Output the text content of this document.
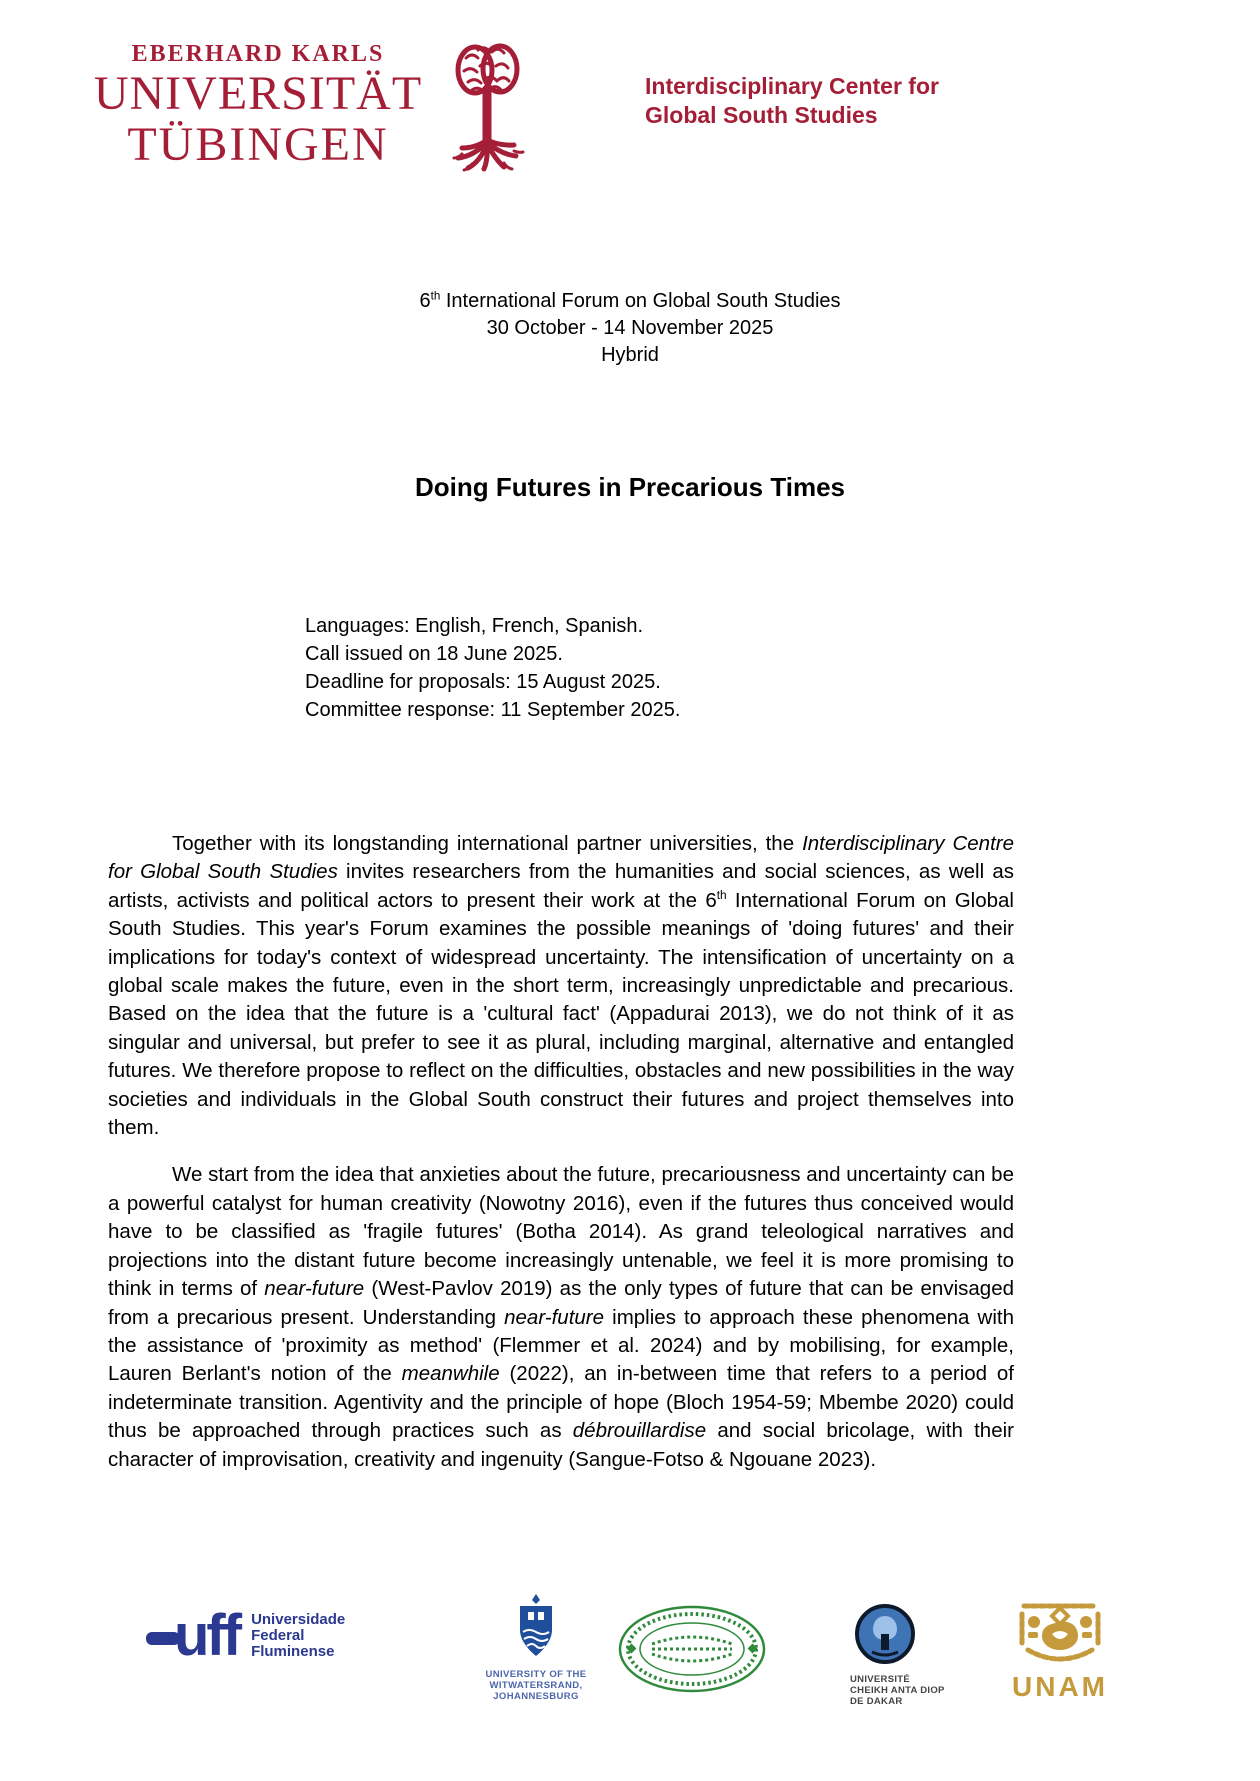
EBERHARD KARLS
UNIVERSITÄT
TÜBINGEN
Interdisciplinary Center for
Global South Studies
6th International Forum on Global South Studies
30 October - 14 November 2025
Hybrid
Doing Futures in Precarious Times
Languages: English, French, Spanish.
Call issued on 18 June 2025.
Deadline for proposals: 15 August 2025.
Committee response: 11 September 2025.

Together with its longstanding international partner universities, the Interdisciplinary Centre for Global South Studies invites researchers from the humanities and social sciences, as well as artists, activists and political actors to present their work at the 6th International Forum on Global South Studies. This year's Forum examines the possible meanings of 'doing futures' and their implications for today's context of widespread uncertainty. The intensification of uncertainty on a global scale makes the future, even in the short term, increasingly unpredictable and precarious. Based on the idea that the future is a 'cultural fact' (Appadurai 2013), we do not think of it as singular and universal, but prefer to see it as plural, including marginal, alternative and entangled futures. We therefore propose to reflect on the difficulties, obstacles and new possibilities in the way societies and individuals in the Global South construct their futures and project themselves into them.

We start from the idea that anxieties about the future, precariousness and uncertainty can be a powerful catalyst for human creativity (Nowotny 2016), even if the futures thus conceived would have to be classified as 'fragile futures' (Botha 2014). As grand teleological narratives and projections into the distant future become increasingly untenable, we feel it is more promising to think in terms of near-future (West-Pavlov 2019) as the only types of future that can be envisaged from a precarious present. Understanding near-future implies to approach these phenomena with the assistance of 'proximity as method' (Flemmer et al. 2024) and by mobilising, for example, Lauren Berlant's notion of the meanwhile (2022), an in-between time that refers to a period of indeterminate transition. Agentivity and the principle of hope (Bloch 1954-59; Mbembe 2020) could thus be approached through practices such as débrouillardise and social bricolage, with their character of improvisation, creativity and ingenuity (Sangue-Fotso & Ngouane 2023).

uff Universidade
Federal
Fluminense
UNIVERSITY OF THE
WITWATERSRAND,
JOHANNESBURG
UNIVERSITÉ
CHEIKH ANTA DIOP
DE DAKAR	UNAM
